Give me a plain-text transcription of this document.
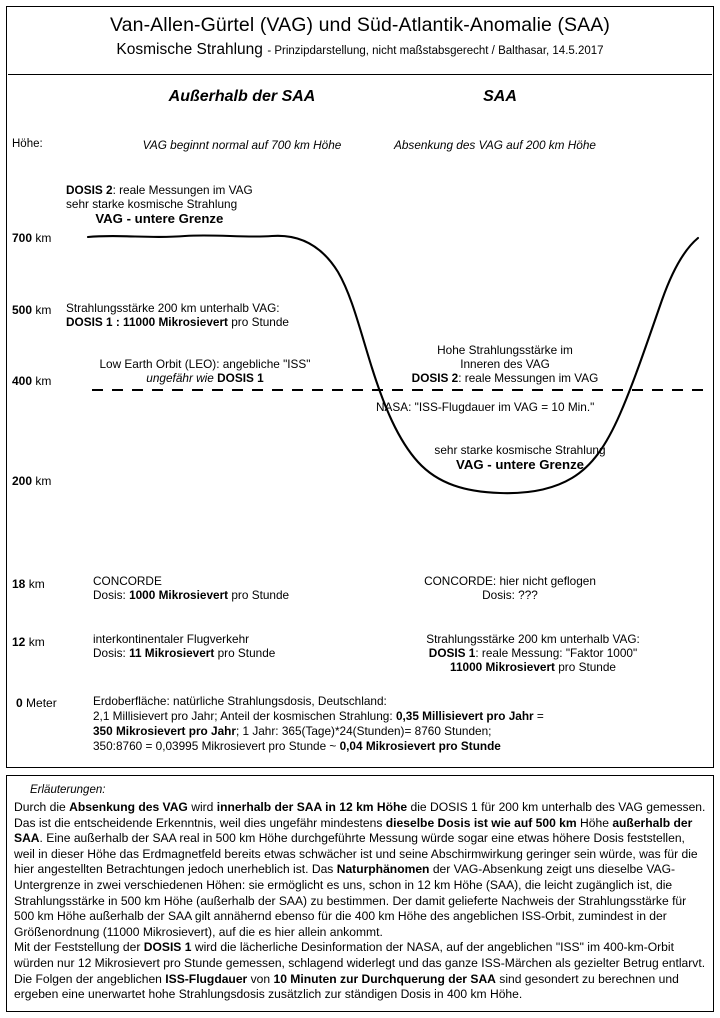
Van-Allen-Gürtel (VAG) und Süd-Atlantik-Anomalie (SAA)
Kosmische Strahlung - Prinzipdarstellung, nicht maßstabsgerecht / Balthasar, 14.5.2017
Außerhalb der SAA	SAA
Höhe:	VAG beginnt normal auf 700 km Höhe	Absenkung des VAG auf 200 km Höhe
700 km
500 km
400 km
200 km
18 km
12 km
0 Meter
DOSIS 2: reale Messungen im VAG
sehr starke kosmische Strahlung
VAG - untere Grenze
Strahlungsstärke 200 km unterhalb VAG:
DOSIS 1 : 11000 Mikrosievert pro Stunde
Low Earth Orbit (LEO): angebliche "ISS"
ungefähr wie DOSIS 1
Hohe Strahlungsstärke im
Inneren des VAG
DOSIS 2: reale Messungen im VAG
NASA: "ISS-Flugdauer im VAG = 10 Min."
sehr starke kosmische Strahlung
VAG - untere Grenze
CONCORDE
Dosis: 1000 Mikrosievert pro Stunde
CONCORDE: hier nicht geflogen
Dosis: ???
interkontinentaler Flugverkehr
Dosis: 11 Mikrosievert pro Stunde
Strahlungsstärke 200 km unterhalb VAG:
DOSIS 1: reale Messung: "Faktor 1000"
11000 Mikrosievert pro Stunde
Erdoberfläche: natürliche Strahlungsdosis, Deutschland:
2,1 Millisievert pro Jahr; Anteil der kosmischen Strahlung: 0,35 Millisievert pro Jahr =
350 Mikrosievert pro Jahr; 1 Jahr: 365(Tage)*24(Stunden)= 8760 Stunden;
350:8760 = 0,03995 Mikrosievert pro Stunde ~ 0,04 Mikrosievert pro Stunde
Erläuterungen:

Durch die Absenkung des VAG wird innerhalb der SAA in 12 km Höhe die DOSIS 1 für 200 km unterhalb des VAG gemessen. Das ist die entscheidende Erkenntnis, weil dies ungefähr mindestens dieselbe Dosis ist wie auf 500 km Höhe außerhalb der SAA. Eine außerhalb der SAA real in 500 km Höhe durchgeführte Messung würde sogar eine etwas höhere Dosis feststellen, weil in dieser Höhe das Erdmagnetfeld bereits etwas schwächer ist und seine Abschirmwirkung geringer sein würde, was für die hier angestellten Betrachtungen jedoch unerheblich ist. Das Naturphänomen der VAG-Absenkung zeigt uns dieselbe VAG-Untergrenze in zwei verschiedenen Höhen: sie ermöglicht es uns, schon in 12 km Höhe (SAA), die leicht zugänglich ist, die Strahlungsstärke in 500 km Höhe (außerhalb der SAA) zu bestimmen. Der damit gelieferte Nachweis der Strahlungsstärke für 500 km Höhe außerhalb der SAA gilt annähernd ebenso für die 400 km Höhe des angeblichen ISS-Orbit, zumindest in der Größenordnung (11000 Mikrosievert), auf die es hier allein ankommt.

Mit der Feststellung der DOSIS 1 wird die lächerliche Desinformation der NASA, auf der angeblichen "ISS" im 400-km-Orbit würden nur 12 Mikrosievert pro Stunde gemessen, schlagend widerlegt und das ganze ISS-Märchen als gezielter Betrug entlarvt.

Die Folgen der angeblichen ISS-Flugdauer von 10 Minuten zur Durchquerung der SAA sind gesondert zu berechnen und ergeben eine unerwartet hohe Strahlungsdosis zusätzlich zur ständigen Dosis in 400 km Höhe.
